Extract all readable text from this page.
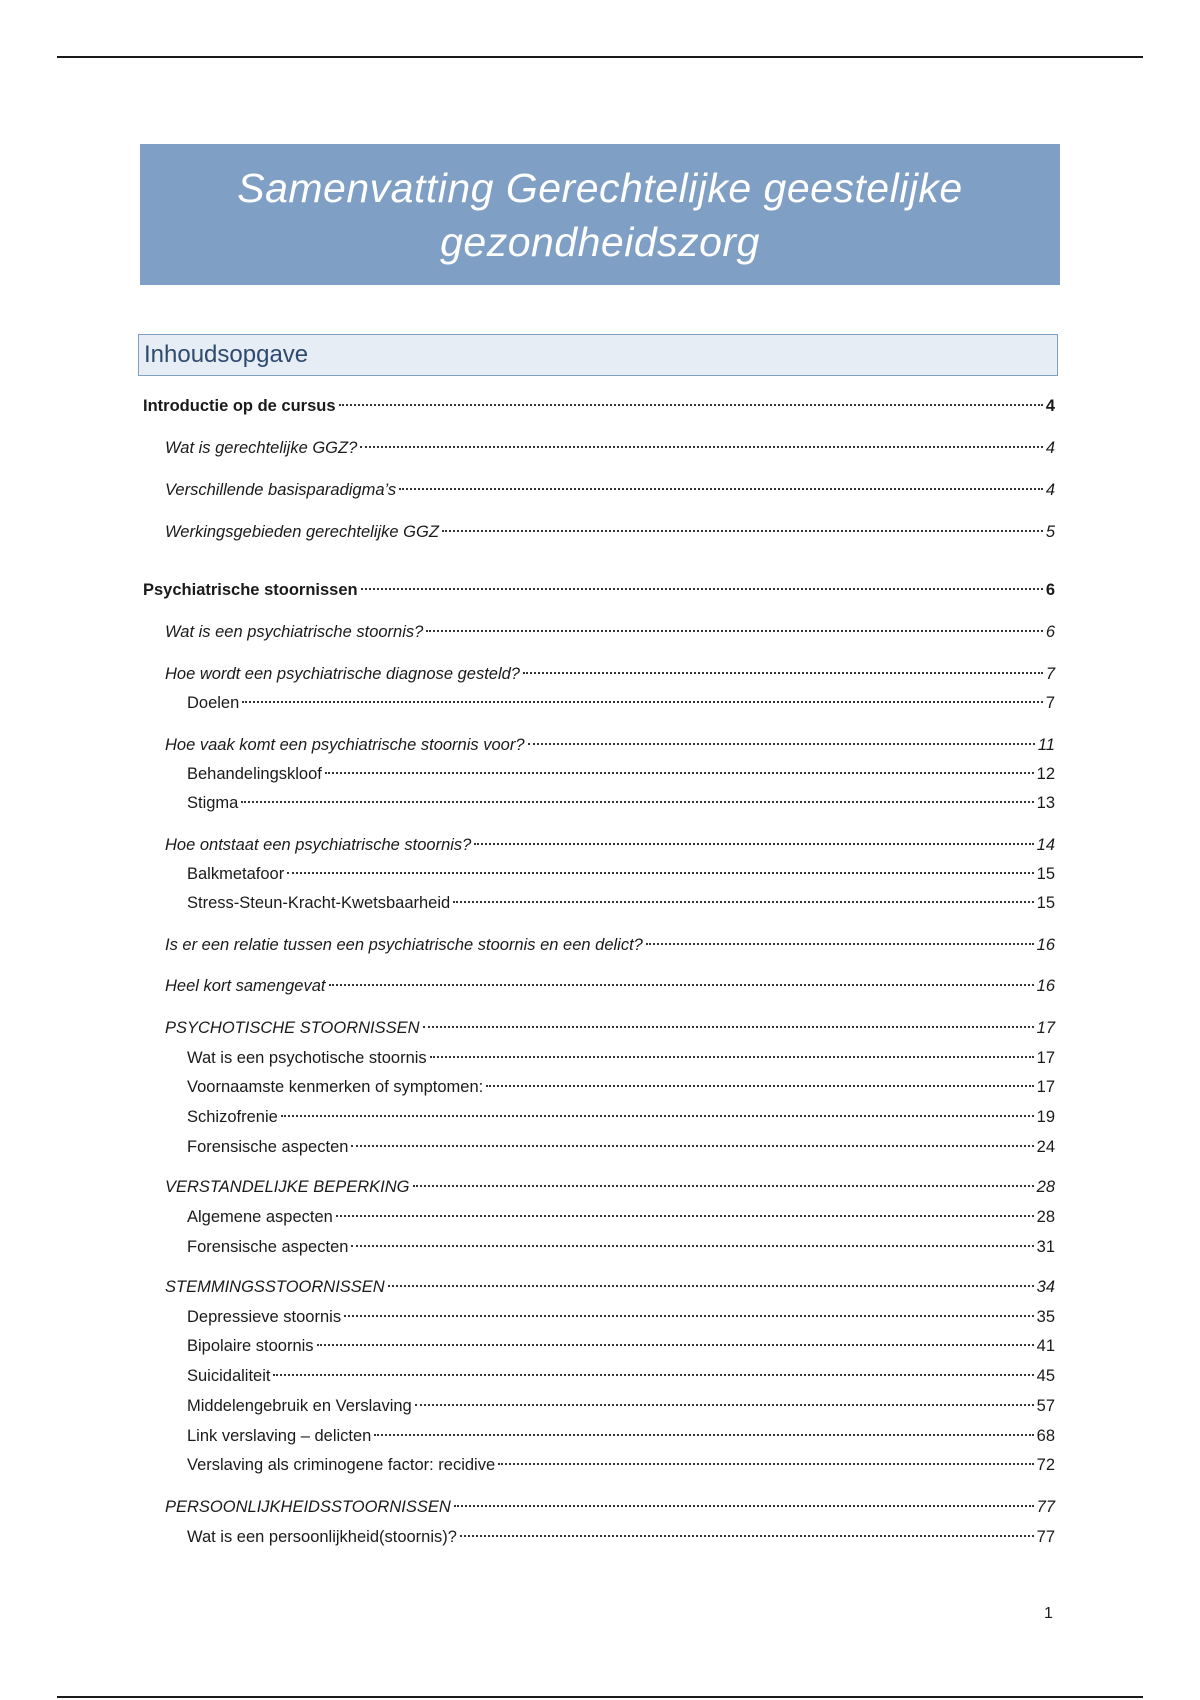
Samenvatting Gerechtelijke geestelijke gezondheidszorg
Inhoudsopgave
Introductie op de cursus	4
Wat is gerechtelijke GGZ?	4
Verschillende basisparadigma’s	4
Werkingsgebieden gerechtelijke GGZ	5
Psychiatrische stoornissen	6
Wat is een psychiatrische stoornis?	6
Hoe wordt een psychiatrische diagnose gesteld?	7
Doelen	7
Hoe vaak komt een psychiatrische stoornis voor?	11
Behandelingskloof	12
Stigma	13
Hoe ontstaat een psychiatrische stoornis?	14
Balkmetafoor	15
Stress-Steun-Kracht-Kwetsbaarheid	15
Is er een relatie tussen een psychiatrische stoornis en een delict?	16
Heel kort samengevat	16
PSYCHOTISCHE STOORNISSEN	17
Wat is een psychotische stoornis	17
Voornaamste kenmerken of symptomen:	17
Schizofrenie	19
Forensische aspecten	24
VERSTANDELIJKE BEPERKING	28
Algemene aspecten	28
Forensische aspecten	31
STEMMINGSSTOORNISSEN	34
Depressieve stoornis	35
Bipolaire stoornis	41
Suicidaliteit	45
Middelengebruik en Verslaving	57
Link verslaving – delicten	68
Verslaving als criminogene factor: recidive	72
PERSOONLIJKHEIDSSTOORNISSEN	77
Wat is een persoonlijkheid(stoornis)?	77
1
